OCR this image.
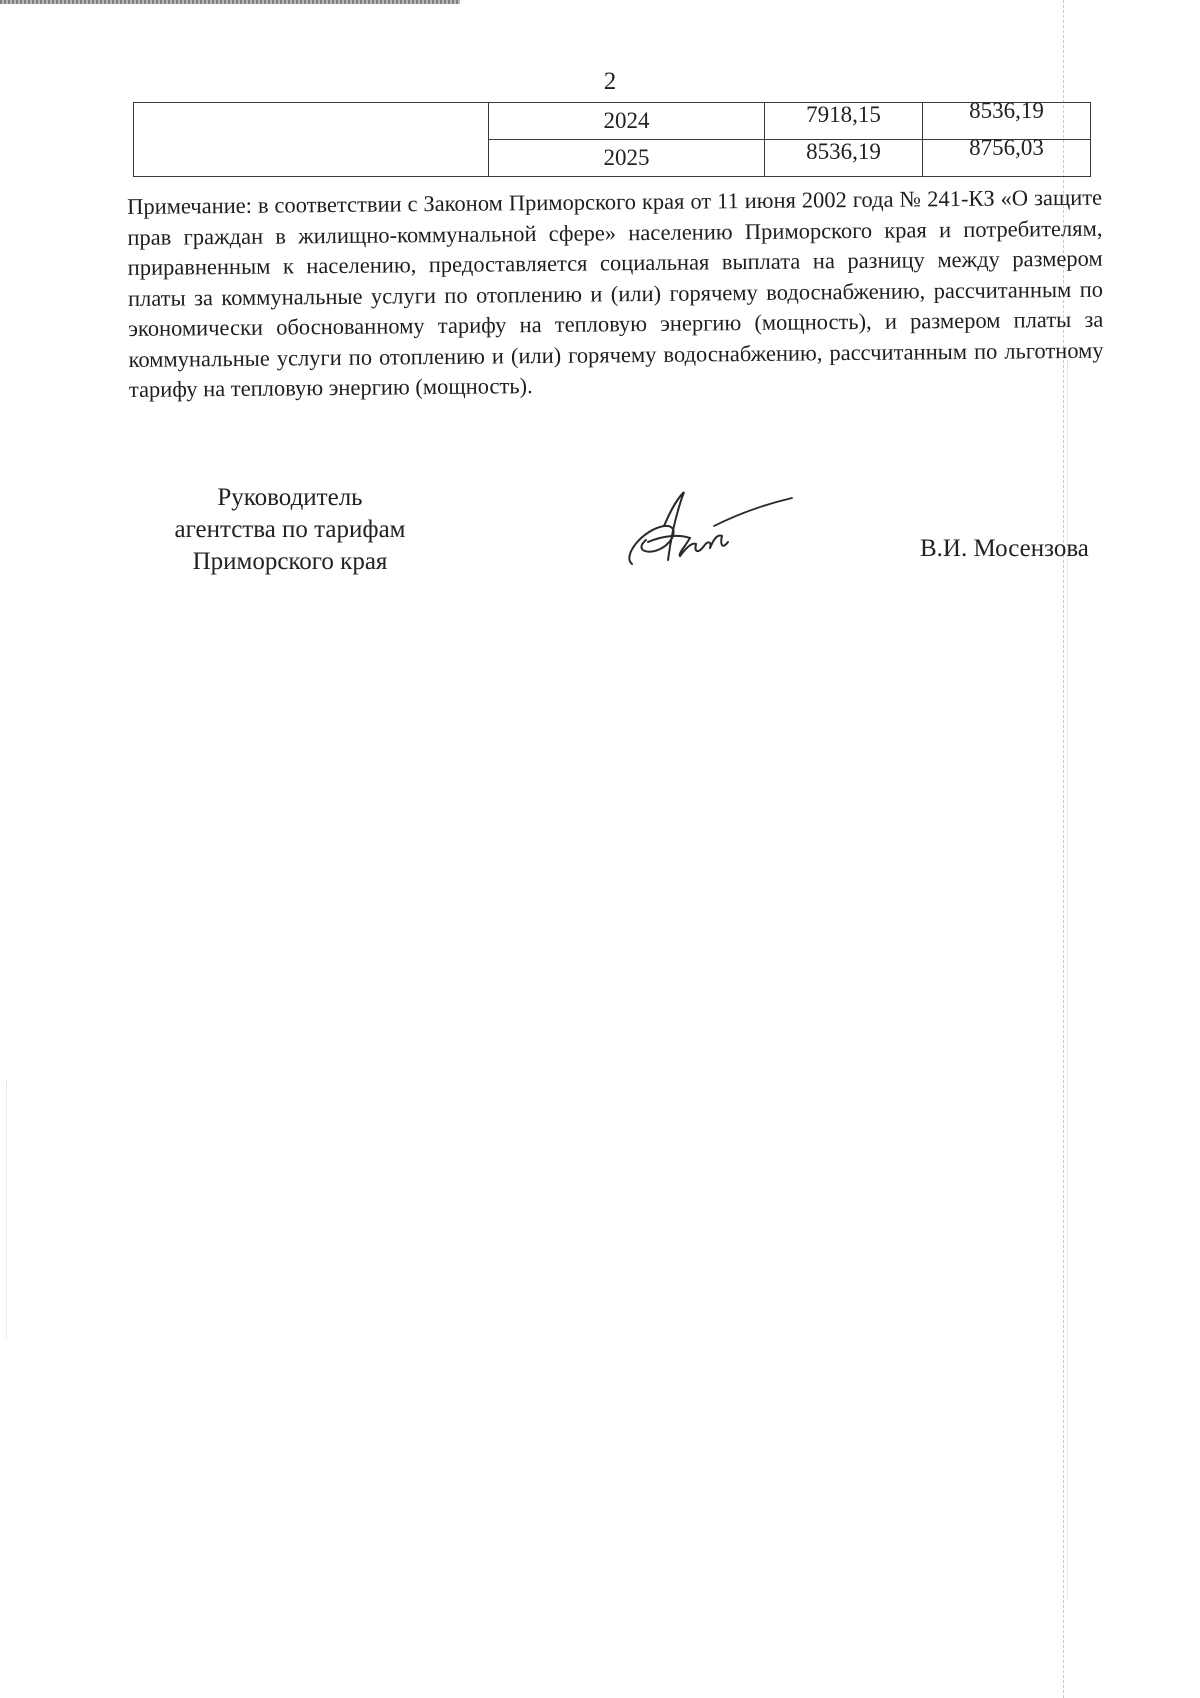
2
	2024	7918,15	8536,19
	2025	8536,19	8756,03
Примечание: в соответствии с Законом Приморского края от 11 июня 2002 года № 241-КЗ «О защите прав граждан в жилищно-коммунальной сфере» населению Приморского края и потребителям, приравненным к населению, предоставляется социальная выплата на разницу между размером платы за коммунальные услуги по отоплению и (или) горячему водоснабжению, рассчитанным по экономически обоснованному тарифу на тепловую энергию (мощность), и размером платы за коммунальные услуги по отоплению и (или) горячему водоснабжению, рассчитанным по льготному тарифу на тепловую энергию (мощность).
Руководитель
агентства по тарифам
Приморского края	В.И. Мосензова
